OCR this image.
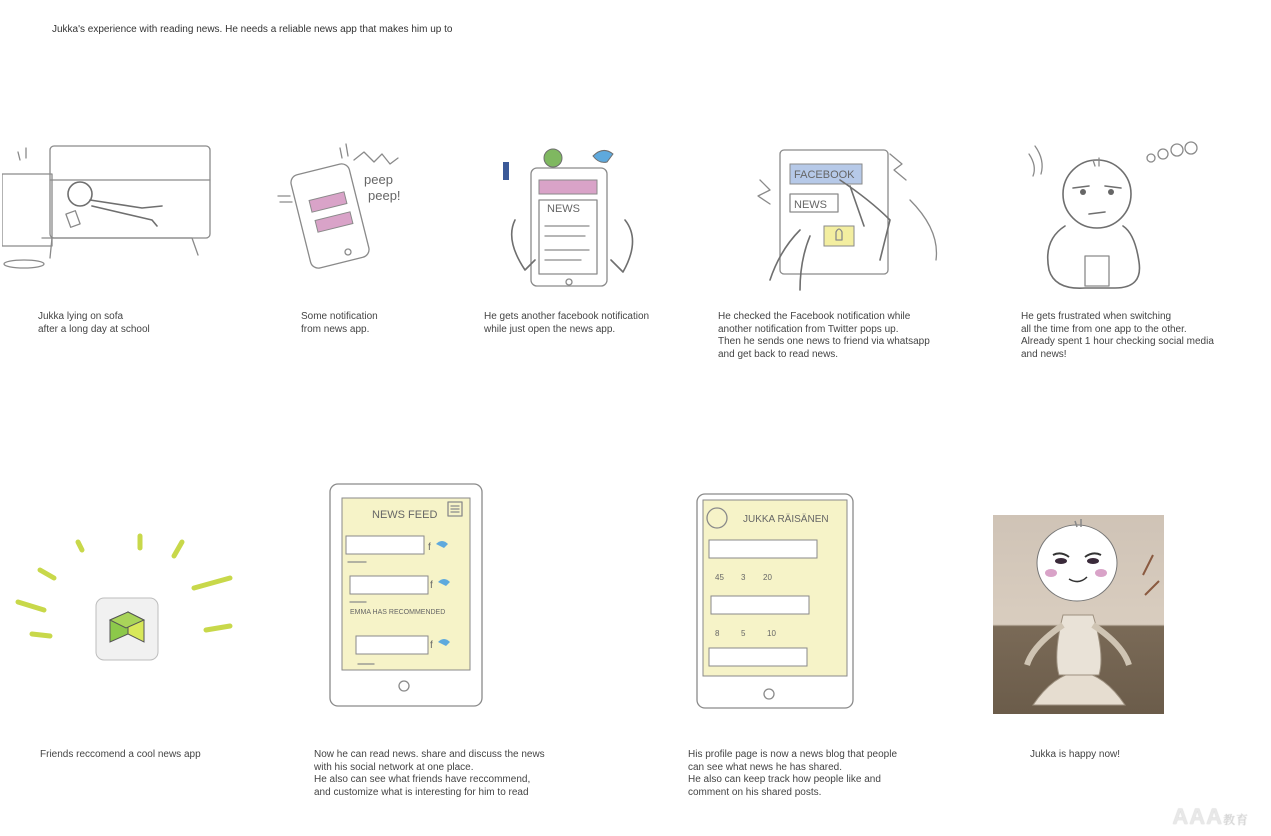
Jukka's experience with reading news. He needs a reliable news app that makes him up to
Jukka lying on sofa
after a long day at school
peep
peep!
Some notification
from news app.
NEWS
He gets another facebook notification
while just open the news app.
FACEBOOK
NEWS
He checked the Facebook notification while
another notification from Twitter pops up.
Then he sends one news to friend via whatsapp
and get back to read news.
He gets frustrated when switching
all the time from one app to the other.
Already spent 1 hour checking social media
and news!
Friends reccomend a cool news app
NEWS FEED
EMMA HAS RECOMMENDED
f
f
f
Now he can read news. share and discuss the news
with his social network at one place.
He also can see what friends have reccommend,
and customize what is interesting for him to read
JUKKA RÄISÄNEN
45 3 20
8	5	10
His profile page is now a news blog that people
can see what news he has shared.
He also can keep track how people like and
comment on his shared posts.
Jukka is happy now!
AAA教育
